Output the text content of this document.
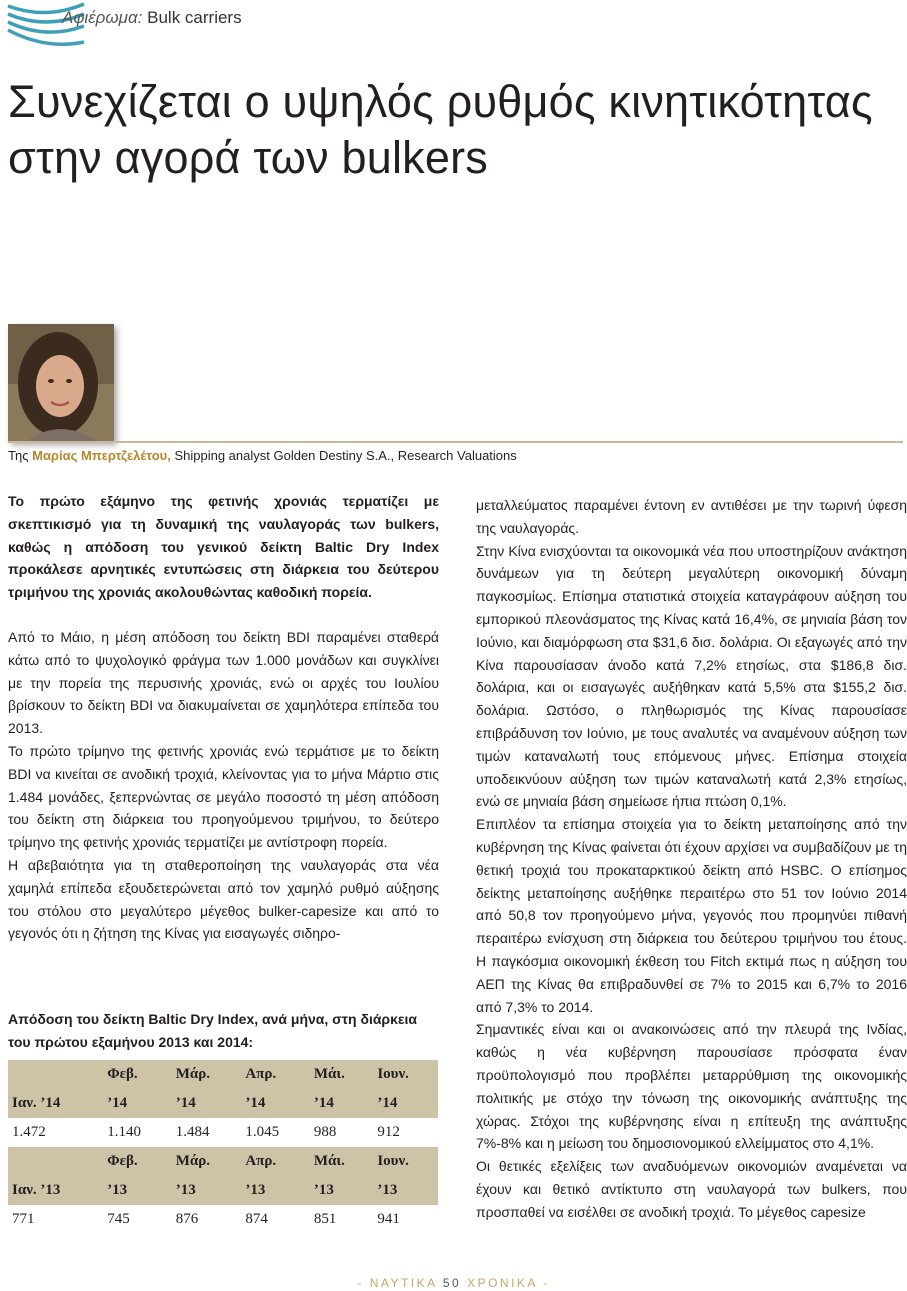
Αφιέρωμα: Bulk carriers
Συνεχίζεται ο υψηλός ρυθμός κινητικότητας
στην αγορά των bulkers
Της Μαρίας Μπερτζελέτου, Shipping analyst Golden Destiny S.A., Research Valuations

Το πρώτο εξάμηνο της φετινής χρονιάς τερματίζει με σκεπτικισμό για τη δυναμική της ναυλαγοράς των bulkers, καθώς η απόδοση του γενικού δείκτη Baltic Dry Index προκάλεσε αρνητικές εντυπώσεις στη διάρκεια του δεύτερου τριμήνου της χρονιάς ακολουθώντας καθοδική πορεία.

Από το Μάιο, η μέση απόδοση του δείκτη BDI παραμένει σταθερά κάτω από το ψυχολογικό φράγμα των 1.000 μονάδων και συγκλίνει με την πορεία της περυσινής χρονιάς, ενώ οι αρχές του Ιουλίου βρίσκουν το δείκτη BDI να διακυμαίνεται σε χαμηλότερα επίπεδα του 2013.

Το πρώτο τρίμηνο της φετινής χρονιάς ενώ τερμάτισε με το δείκτη BDI να κινείται σε ανοδική τροχιά, κλείνοντας για το μήνα Μάρτιο στις 1.484 μονάδες, ξεπερνώντας σε μεγάλο ποσοστό τη μέση απόδοση του δείκτη στη διάρκεια του προηγούμενου τριμήνου, το δεύτερο τρίμηνο της φετινής χρονιάς τερματίζει με αντίστροφη πορεία.

Η αβεβαιότητα για τη σταθεροποίηση της ναυλαγοράς στα νέα χαμηλά επίπεδα εξουδετερώνεται από τον χαμηλό ρυθμό αύξησης του στόλου στο μεγαλύτερο μέγεθος bulker-capesize και από το γεγονός ότι η ζήτηση της Κίνας για εισαγωγές σιδηρο-

Απόδοση του δείκτη Baltic Dry Index, ανά μήνα, στη διάρκεια του πρώτου εξαμήνου 2013 και 2014:
	Φεβ.	Μάρ.	Απρ.	Μάι.	Ιουν.
Ιαν. ’14	’14	’14	’14	’14	’14
1.472	1.140	1.484	1.045	988	912
	Φεβ.	Μάρ.	Απρ.	Μάι.	Ιουν.
Ιαν. ’13	’13	’13	’13	’13	’13
771	745	876	874	851	941

μεταλλεύματος παραμένει έντονη εν αντιθέσει με την τωρινή ύφεση της ναυλαγοράς.

Στην Κίνα ενισχύονται τα οικονομικά νέα που υποστηρίζουν ανάκτηση δυνάμεων για τη δεύτερη μεγαλύτερη οικονομική δύναμη παγκοσμίως. Επίσημα στατιστικά στοιχεία καταγράφουν αύξηση του εμπορικού πλεονάσματος της Κίνας κατά 16,4%, σε μηνιαία βάση τον Ιούνιο, και διαμόρφωση στα $31,6 δισ. δολάρια. Οι εξαγωγές από την Κίνα παρουσίασαν άνοδο κατά 7,2% ετησίως, στα $186,8 δισ. δολάρια, και οι εισαγωγές αυξήθηκαν κατά 5,5% στα $155,2 δισ. δολάρια. Ωστόσο, ο πληθωρισμός της Κίνας παρουσίασε επιβράδυνση τον Ιούνιο, με τους αναλυτές να αναμένουν αύξηση των τιμών καταναλωτή τους επόμενους μήνες. Επίσημα στοιχεία υποδεικνύουν αύξηση των τιμών καταναλωτή κατά 2,3% ετησίως, ενώ σε μηνιαία βάση σημείωσε ήπια πτώση 0,1%.

Επιπλέον τα επίσημα στοιχεία για το δείκτη μεταποίησης από την κυβέρνηση της Κίνας φαίνεται ότι έχουν αρχίσει να συμβαδίζουν με τη θετική τροχιά του προκαταρκτικού δείκτη από HSBC. Ο επίσημος δείκτης μεταποίησης αυξήθηκε περαιτέρω στο 51 τον Ιούνιο 2014 από 50,8 τον προηγούμενο μήνα, γεγονός που προμηνύει πιθανή περαιτέρω ενίσχυση στη διάρκεια του δεύτερου τριμήνου του έτους. Η παγκόσμια οικονομική έκθεση του Fitch εκτιμά πως η αύξηση του ΑΕΠ της Κίνας θα επιβραδυνθεί σε 7% το 2015 και 6,7% το 2016 από 7,3% το 2014.

Σημαντικές είναι και οι ανακοινώσεις από την πλευρά της Ινδίας, καθώς η νέα κυβέρνηση παρουσίασε πρόσφατα έναν προϋπολογισμό που προβλέπει μεταρρύθμιση της οικονομικής πολιτικής με στόχο την τόνωση της οικονομικής ανάπτυξης της χώρας. Στόχοι της κυβέρνησης είναι η επίτευξη της ανάπτυξης 7%-8% και η μείωση του δημοσιονομικού ελλείμματος στο 4,1%.

Οι θετικές εξελίξεις των αναδυόμενων οικονομιών αναμένεται να έχουν και θετικό αντίκτυπο στη ναυλαγορά των bulkers, που προσπαθεί να εισέλθει σε ανοδική τροχιά. Το μέγεθος capesize

- ΝΑΥΤΙΚΑ 50 ΧΡΟΝΙΚΑ -
